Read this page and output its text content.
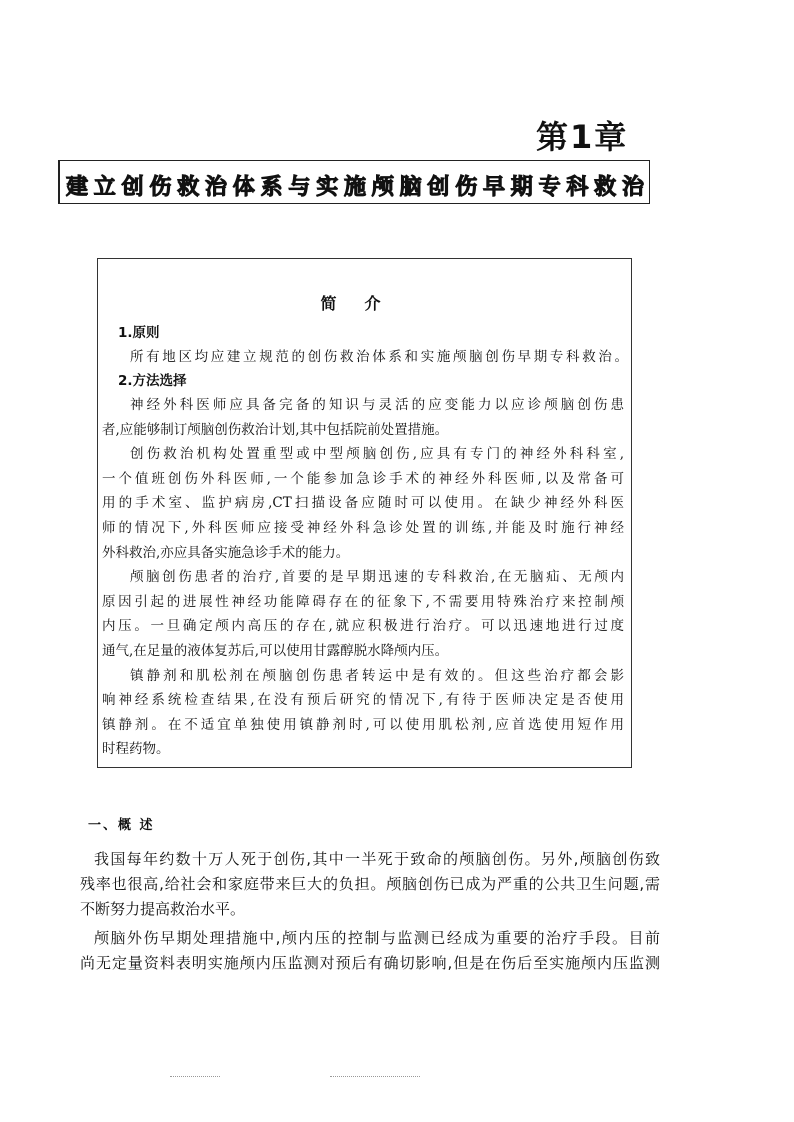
第1章
建立创伤救治体系与实施颅脑创伤早期专科救治
简介
1.原则
所有地区均应建立规范的创伤救治体系和实施颅脑创伤早期专科救治。
2.方法选择
神经外科医师应具备完备的知识与灵活的应变能力以应诊颅脑创伤患
者,应能够制订颅脑创伤救治计划,其中包括院前处置措施。
创伤救治机构处置重型或中型颅脑创伤,应具有专门的神经外科科室,
一个值班创伤外科医师,一个能参加急诊手术的神经外科医师,以及常备可
用的手术室、监护病房,CT扫描设备应随时可以使用。在缺少神经外科医
师的情况下,外科医师应接受神经外科急诊处置的训练,并能及时施行神经
外科救治,亦应具备实施急诊手术的能力。
颅脑创伤患者的治疗,首要的是早期迅速的专科救治,在无脑疝、无颅内
原因引起的进展性神经功能障碍存在的征象下,不需要用特殊治疗来控制颅
内压。一旦确定颅内高压的存在,就应积极进行治疗。可以迅速地进行过度
通气,在足量的液体复苏后,可以使用甘露醇脱水降颅内压。
镇静剂和肌松剂在颅脑创伤患者转运中是有效的。但这些治疗都会影
响神经系统检查结果,在没有预后研究的情况下,有待于医师决定是否使用
镇静剂。在不适宜单独使用镇静剂时,可以使用肌松剂,应首选使用短作用
时程药物。
一、概 述
我国每年约数十万人死于创伤,其中一半死于致命的颅脑创伤。另外,颅脑创伤致
残率也很高,给社会和家庭带来巨大的负担。颅脑创伤已成为严重的公共卫生问题,需
不断努力提高救治水平。
颅脑外伤早期处理措施中,颅内压的控制与监测已经成为重要的治疗手段。目前
尚无定量资料表明实施颅内压监测对预后有确切影响,但是在伤后至实施颅内压监测
